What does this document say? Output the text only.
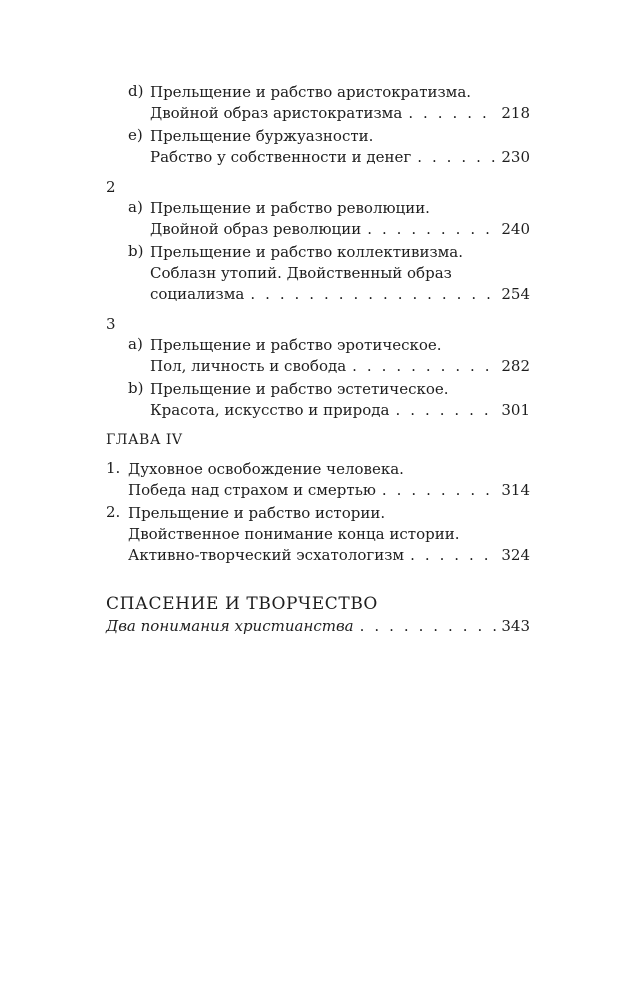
d) Прельщение и рабство аристократизма.
Двойной образ аристократизма . . .	218
e) Прельщение буржуазности.
Рабство у собственности и денег . . .	230
2
a) Прельщение и рабство революции.
Двойной образ революции . . .	240
b) Прельщение и рабство коллективизма.
Соблазн утопий. Двойственный образ
социализма . . .	254
3
a) Прельщение и рабство эротическое.
Пол, личность и свобода . . .	282
b) Прельщение и рабство эстетическое.
Красота, искусство и природа . . .	301
ГЛАВА IV
1. Духовное освобождение человека.
Победа над страхом и смертью . . .	314
2. Прельщение и рабство истории.
Двойственное понимание конца истории.
Активно-творческий эсхатологизм . . .	324
СПАСЕНИЕ И ТВОРЧЕСТВО
Два понимания христианства . . .	343
